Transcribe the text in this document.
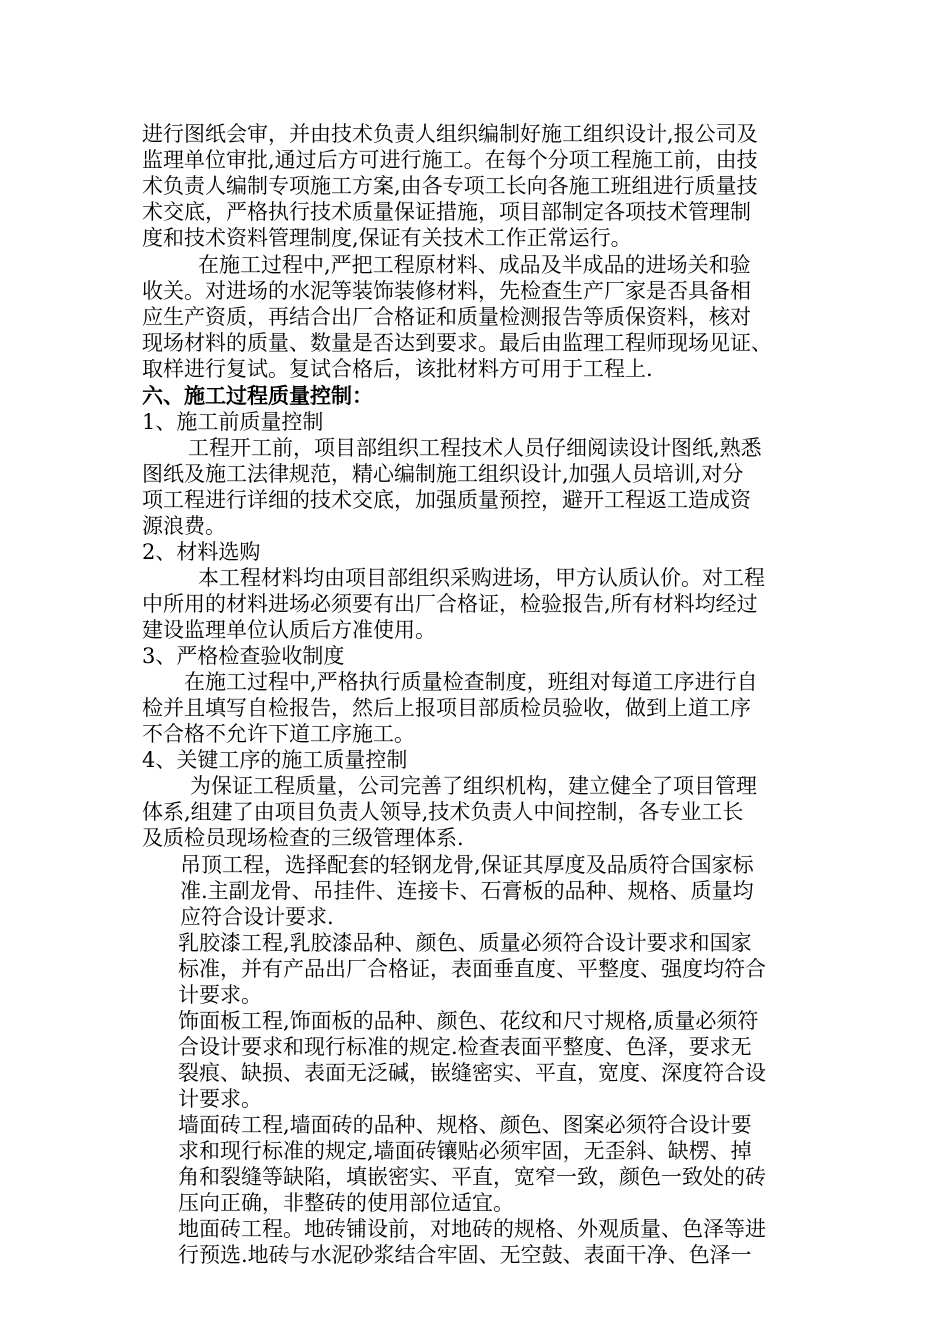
进行图纸会审，并由技术负责人组织编制好施工组织设计,报公司及
监理单位审批,通过后方可进行施工。在每个分项工程施工前，由技
术负责人编制专项施工方案,由各专项工长向各施工班组进行质量技
术交底，严格执行技术质量保证措施，项目部制定各项技术管理制
度和技术资料管理制度,保证有关技术工作正常运行。
在施工过程中,严把工程原材料、成品及半成品的进场关和验
收关。对进场的水泥等装饰装修材料，先检查生产厂家是否具备相
应生产资质，再结合出厂合格证和质量检测报告等质保资料，核对
现场材料的质量、数量是否达到要求。最后由监理工程师现场见证、
取样进行复试。复试合格后，该批材料方可用于工程上.
六、施工过程质量控制：
1、施工前质量控制
工程开工前，项目部组织工程技术人员仔细阅读设计图纸,熟悉
图纸及施工法律规范，精心编制施工组织设计,加强人员培训,对分
项工程进行详细的技术交底，加强质量预控，避开工程返工造成资
源浪费。
2、材料选购
本工程材料均由项目部组织采购进场，甲方认质认价。对工程
中所用的材料进场必须要有出厂合格证，检验报告,所有材料均经过
建设监理单位认质后方准使用。
3、严格检查验收制度
在施工过程中,严格执行质量检查制度，班组对每道工序进行自
检并且填写自检报告，然后上报项目部质检员验收，做到上道工序
不合格不允许下道工序施工。
4、关键工序的施工质量控制
为保证工程质量，公司完善了组织机构，建立健全了项目管理
体系,组建了由项目负责人领导,技术负责人中间控制，各专业工长
及质检员现场检查的三级管理体系.
吊顶工程，选择配套的轻钢龙骨,保证其厚度及品质符合国家标
准.主副龙骨、吊挂件、连接卡、石膏板的品种、规格、质量均
应符合设计要求.
乳胶漆工程,乳胶漆品种、颜色、质量必须符合设计要求和国家
标准，并有产品出厂合格证，表面垂直度、平整度、强度均符合
计要求。
饰面板工程,饰面板的品种、颜色、花纹和尺寸规格,质量必须符
合设计要求和现行标准的规定.检查表面平整度、色泽，要求无
裂痕、缺损、表面无泛碱，嵌缝密实、平直，宽度、深度符合设
计要求。
墙面砖工程,墙面砖的品种、规格、颜色、图案必须符合设计要
求和现行标准的规定,墙面砖镶贴必须牢固，无歪斜、缺楞、掉
角和裂缝等缺陷，填嵌密实、平直，宽窄一致，颜色一致处的砖
压向正确，非整砖的使用部位适宜。
地面砖工程。地砖铺设前，对地砖的规格、外观质量、色泽等进
行预选.地砖与水泥砂浆结合牢固、无空鼓、表面干净、色泽一
